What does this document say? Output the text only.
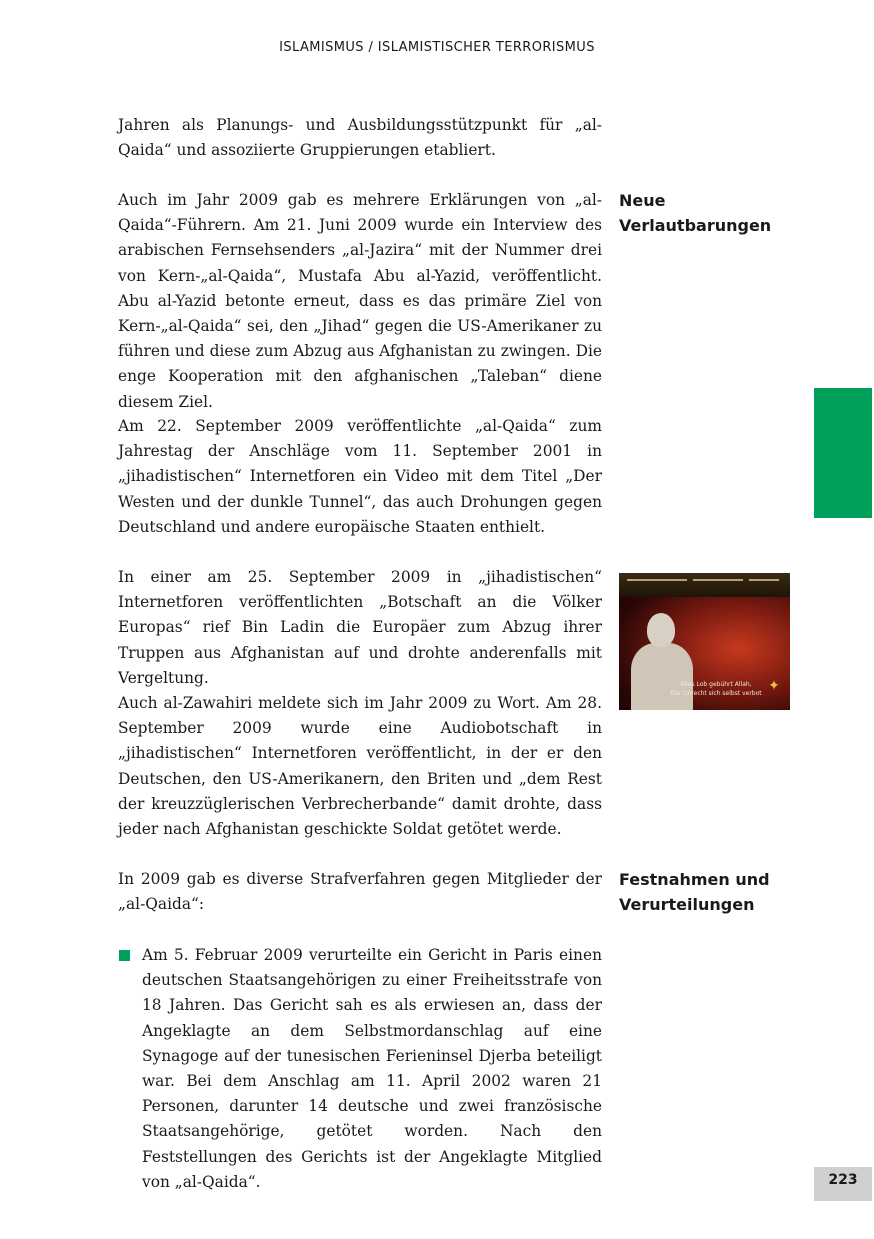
ISLAMISMUS / ISLAMISTISCHER TERRORISMUS

Jahren als Planungs- und Ausbildungsstützpunkt für „al-Qaida“ und assoziierte Gruppierungen etabliert.

Auch im Jahr 2009 gab es mehrere Erklärungen von „al-Qaida“-Führern. Am 21. Juni 2009 wurde ein Interview des arabischen Fernsehsenders „al-Jazira“ mit der Nummer drei von Kern-„al-Qaida“, Mustafa Abu al-Yazid, veröffentlicht. Abu al-Yazid betonte erneut, dass es das primäre Ziel von Kern-„al-Qaida“ sei, den „Jihad“ gegen die US-Amerikaner zu führen und diese zum Abzug aus Afghanistan zu zwingen. Die enge Kooperation mit den afghanischen „Taleban“ diene diesem Ziel.

Neue Verlautbarungen

Am 22. September 2009 veröffentlichte „al-Qaida“ zum Jahrestag der Anschläge vom 11. September 2001 in „jihadistischen“ Internetforen ein Video mit dem Titel „Der Westen und der dunkle Tunnel“, das auch Drohungen gegen Deutschland und andere europäische Staaten enthielt.

In einer am 25. September 2009 in „jihadistischen“ Internetforen veröffentlichten „Botschaft an die Völker Europas“ rief Bin Ladin die Europäer zum Abzug ihrer Truppen aus Afghanistan auf und drohte anderenfalls mit Vergeltung.	Alles Lob gebührt Allah,
Der Unrecht sich selbst verbot ✦

Auch al-Zawahiri meldete sich im Jahr 2009 zu Wort. Am 28. September 2009 wurde eine Audiobotschaft in „jihadistischen“ Internetforen veröffentlicht, in der er den Deutschen, den US-Amerikanern, den Briten und „dem Rest der kreuzzüglerischen Verbrecherbande“ damit drohte, dass jeder nach Afghanistan geschickte Soldat getötet werde.

In 2009 gab es diverse Strafverfahren gegen Mitglieder der „al-Qaida“:

Festnahmen und Verurteilungen

Am 5. Februar 2009 verurteilte ein Gericht in Paris einen deutschen Staatsangehörigen zu einer Freiheitsstrafe von 18 Jahren. Das Gericht sah es als erwiesen an, dass der Angeklagte an dem Selbstmordanschlag auf eine Synagoge auf der tunesischen Ferieninsel Djerba beteiligt war. Bei dem Anschlag am 11. April 2002 waren 21 Personen, darunter 14 deutsche und zwei französische Staatsangehörige, getötet worden. Nach den Feststellungen des Gerichts ist der Angeklagte Mitglied von „al-Qaida“.	223
